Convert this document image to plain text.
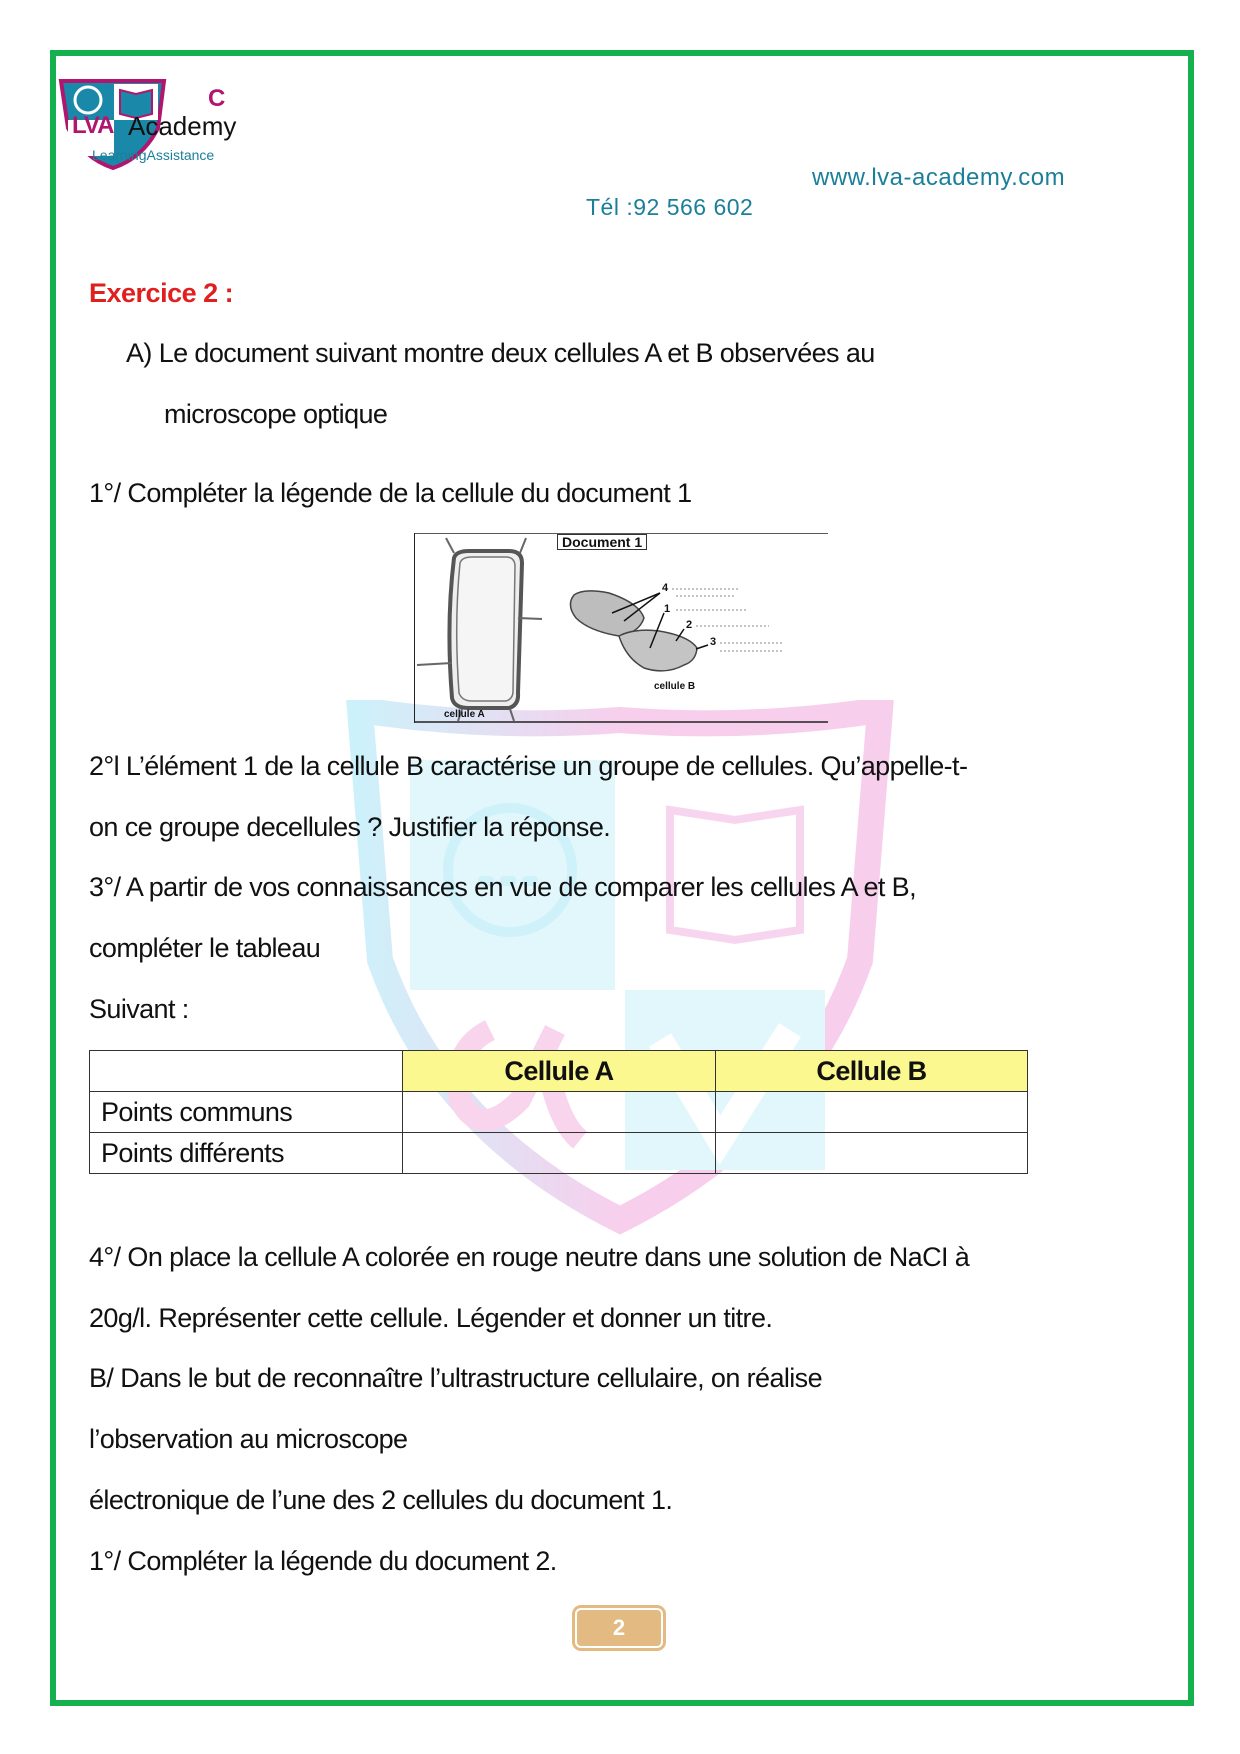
C
LVA Academy
LearningAssistance
www.lva-academy.com
Tél :92 566 602
Exercice 2 :
A) Le document suivant montre deux cellules A et B observées au
microscope optique
1°/ Compléter la légende de la cellule du document 1
Document 1
cellule A
cellule B
1
2
3
4
2°l L’élément 1 de la cellule B caractérise un groupe de cellules. Qu’appelle-t-
on ce groupe decellules ? Justifier la réponse.
3°/ A partir de vos connaissances en vue de comparer les cellules A et B,
compléter le tableau
Suivant :
	Cellule A	Cellule B
Points communs		
Points différents		
4°/ On place la cellule A colorée en rouge neutre dans une solution de NaCI à
20g/l. Représenter cette cellule. Légender et donner un titre.
B/ Dans le but de reconnaître l’ultrastructure cellulaire, on réalise
l’observation au microscope
électronique de l’une des 2 cellules du document 1.
1°/ Compléter la légende du document 2.
2
